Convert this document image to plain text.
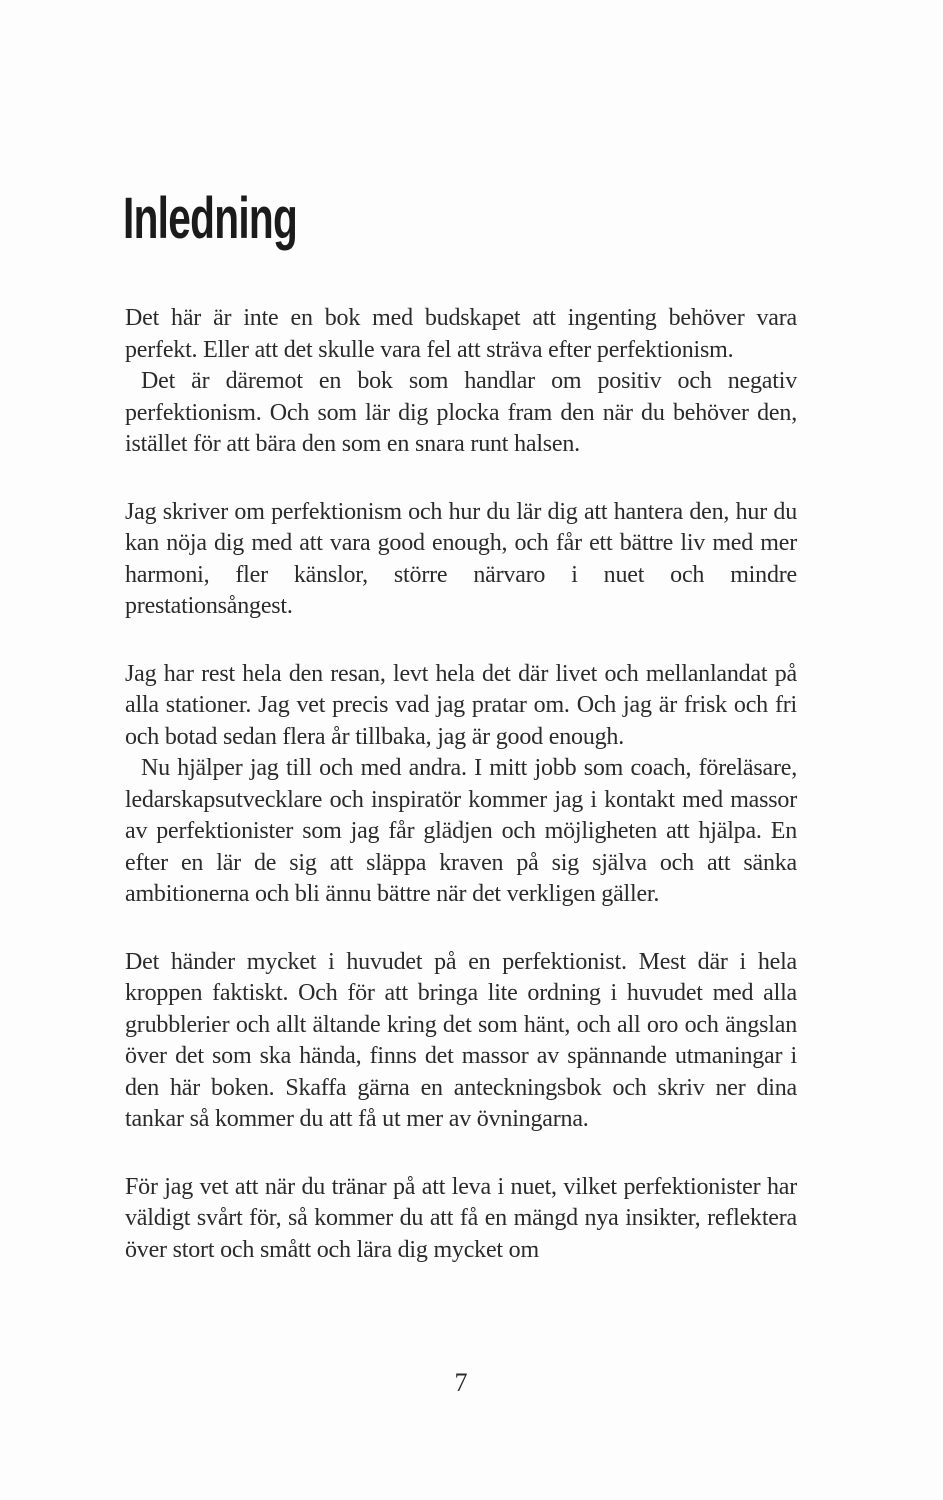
Inledning

Det här är inte en bok med budskapet att ingenting behöver vara perfekt. Eller att det skulle vara fel att sträva efter perfektionism.

Det är däremot en bok som handlar om positiv och negativ perfektionism. Och som lär dig plocka fram den när du behöver den, istället för att bära den som en snara runt halsen.

Jag skriver om perfektionism och hur du lär dig att hantera den, hur du kan nöja dig med att vara good enough, och får ett bättre liv med mer harmoni, fler känslor, större närvaro i nuet och mindre prestationsångest.

Jag har rest hela den resan, levt hela det där livet och mellanlandat på alla stationer. Jag vet precis vad jag pratar om. Och jag är frisk och fri och botad sedan flera år tillbaka, jag är good enough.

Nu hjälper jag till och med andra. I mitt jobb som coach, föreläsare, ledarskapsutvecklare och inspiratör kommer jag i kontakt med massor av perfektionister som jag får glädjen och möjligheten att hjälpa. En efter en lär de sig att släppa kraven på sig själva och att sänka ambitionerna och bli ännu bättre när det verkligen gäller.

Det händer mycket i huvudet på en perfektionist. Mest där i hela kroppen faktiskt. Och för att bringa lite ordning i huvudet med alla grubblerier och allt ältande kring det som hänt, och all oro och ängslan över det som ska hända, finns det massor av spännande utmaningar i den här boken. Skaffa gärna en anteckningsbok och skriv ner dina tankar så kommer du att få ut mer av övningarna.

För jag vet att när du tränar på att leva i nuet, vilket perfektionister har väldigt svårt för, så kommer du att få en mängd nya insikter, reflektera över stort och smått och lära dig mycket om

7
